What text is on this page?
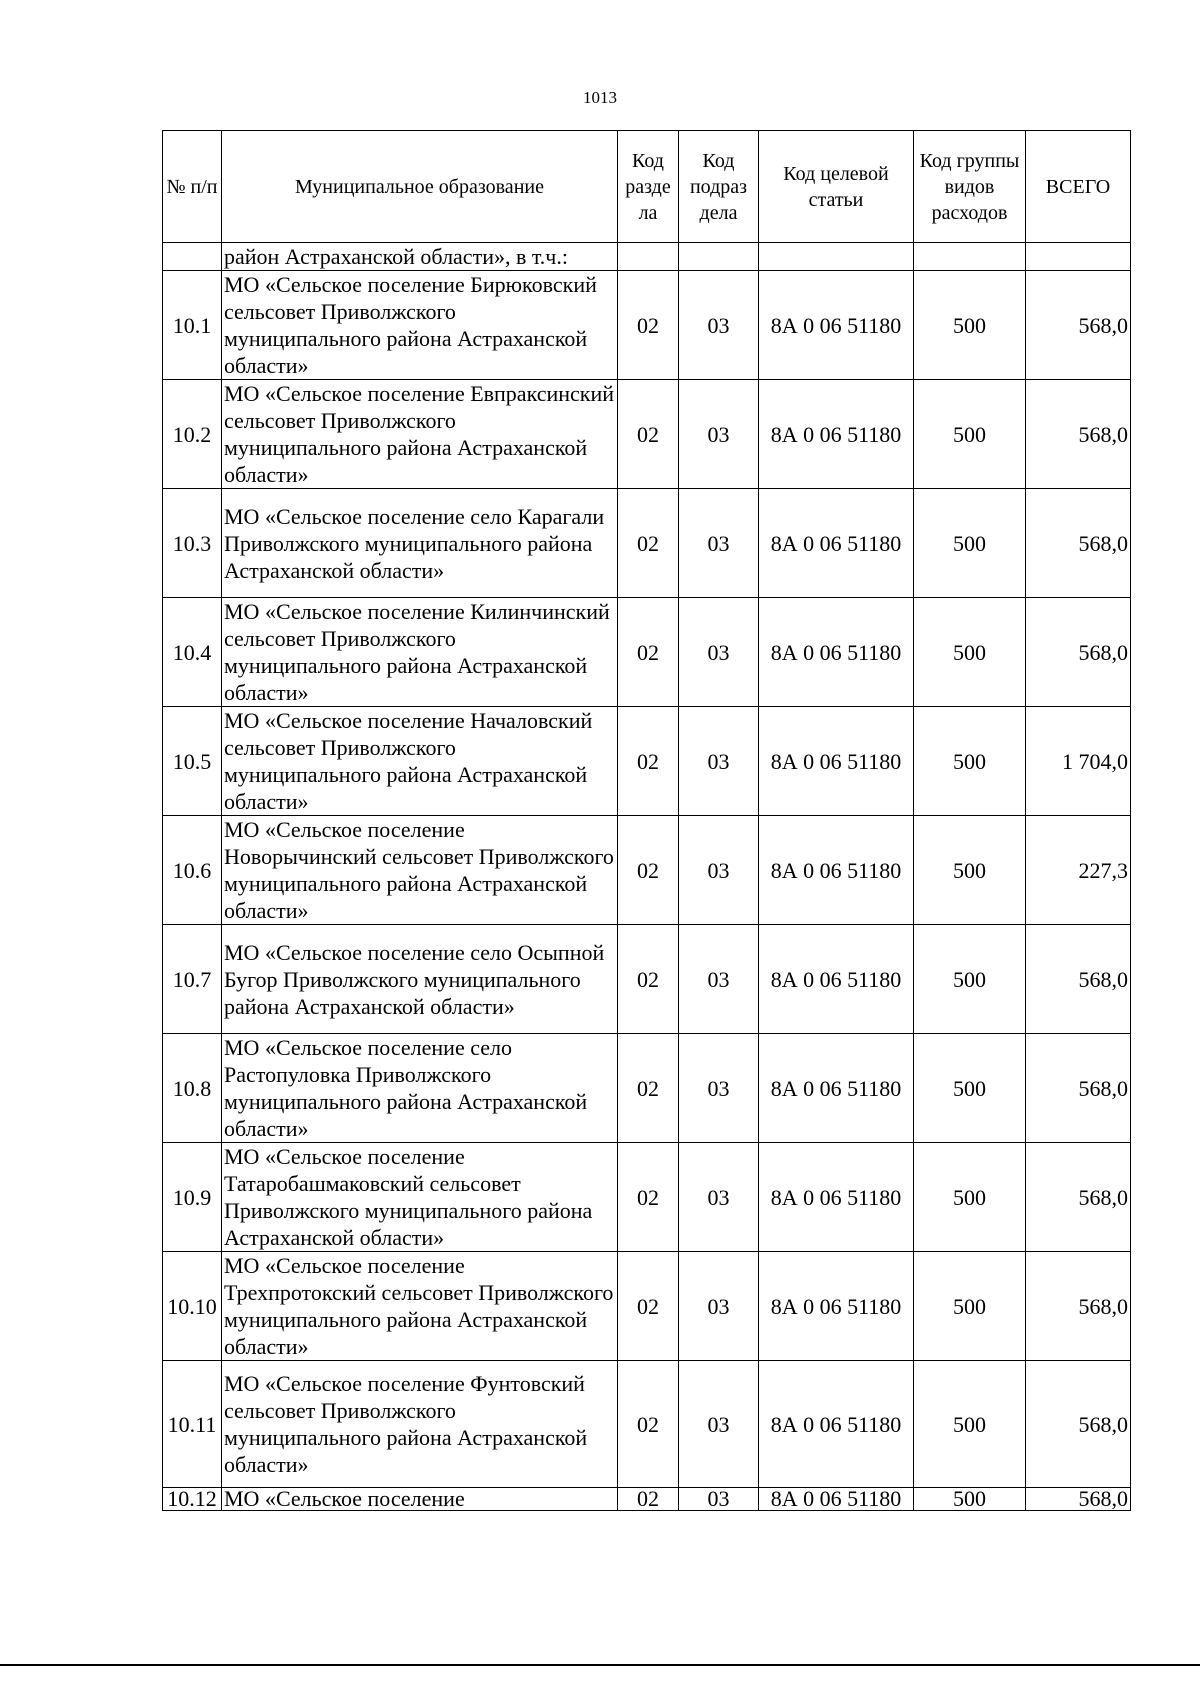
1013
№ п/п	Муниципальное образование	Код разде ла	Код подраз дела	Код целевой статьи	Код группы видов расходов	ВСЕГО
	район Астраханской области», в т.ч.:					
10.1	МО «Сельское поселение Бирюковский сельсовет Приволжского муниципального района Астраханской области»	02	03	8А 0 06 51180	500	568,0
10.2	МО «Сельское поселение Евпраксинский сельсовет Приволжского муниципального района Астраханской области»	02	03	8А 0 06 51180	500	568,0
10.3	МО «Сельское поселение село Карагали Приволжского муниципального района Астраханской области»	02	03	8А 0 06 51180	500	568,0
10.4	МО «Сельское поселение Килинчинский сельсовет Приволжского муниципального района Астраханской области»	02	03	8А 0 06 51180	500	568,0
10.5	МО «Сельское поселение Началовский сельсовет Приволжского муниципального района Астраханской области»	02	03	8А 0 06 51180	500	1 704,0
10.6	МО «Сельское поселение Новорычинский сельсовет Приволжского муниципального района Астраханской области»	02	03	8А 0 06 51180	500	227,3
10.7	МО «Сельское поселение село Осыпной Бугор Приволжского муниципального района Астраханской области»	02	03	8А 0 06 51180	500	568,0
10.8	МО «Сельское поселение село Растопуловка Приволжского муниципального района Астраханской области»	02	03	8А 0 06 51180	500	568,0
10.9	МО «Сельское поселение Татаробашмаковский сельсовет Приволжского муниципального района Астраханской области»	02	03	8А 0 06 51180	500	568,0
10.10	МО «Сельское поселение Трехпротокский сельсовет Приволжского муниципального района Астраханской области»	02	03	8А 0 06 51180	500	568,0
10.11	МО «Сельское поселение Фунтовский сельсовет Приволжского муниципального района Астраханской области»	02	03	8А 0 06 51180	500	568,0
10.12	МО «Сельское поселение	02	03	8А 0 06 51180	500	568,0
